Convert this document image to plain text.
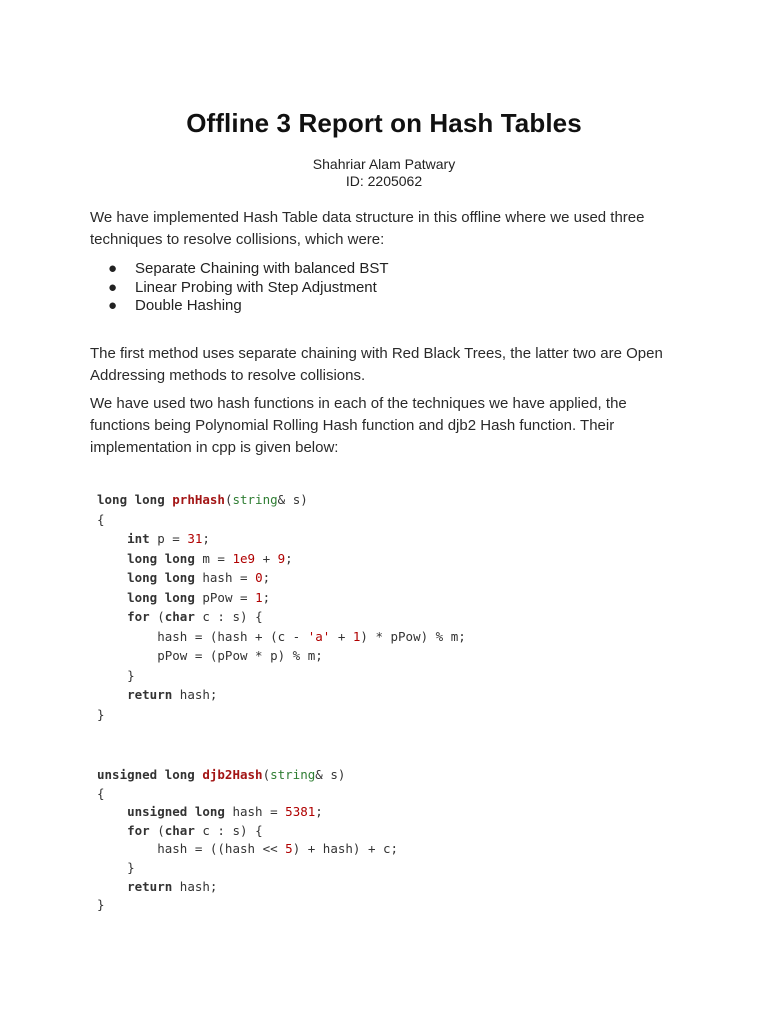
Offline 3 Report on Hash Tables
Shahriar Alam Patwary
ID: 2205062

We have implemented Hash Table data structure in this offline where we used three techniques to resolve collisions, which were:

● Separate Chaining with balanced BST
● Linear Probing with Step Adjustment
● Double Hashing

The first method uses separate chaining with Red Black Trees, the latter two are Open Addressing methods to resolve collisions.

We have used two hash functions in each of the techniques we have applied, the functions being Polynomial Rolling Hash function and djb2 Hash function. Their implementation in cpp is given below:

long long prhHash(string& s)
{
int p = 31;
long long m = 1e9 + 9;
long long hash = 0;
long long pPow = 1;
for (char c : s) {
hash = (hash + (c - 'a' + 1) * pPow) % m;
pPow = (pPow * p) % m;
}
return hash;
}
unsigned long djb2Hash(string& s)
{
unsigned long hash = 5381;
for (char c : s) {
hash = ((hash << 5) + hash) + c;
}
return hash;
}
